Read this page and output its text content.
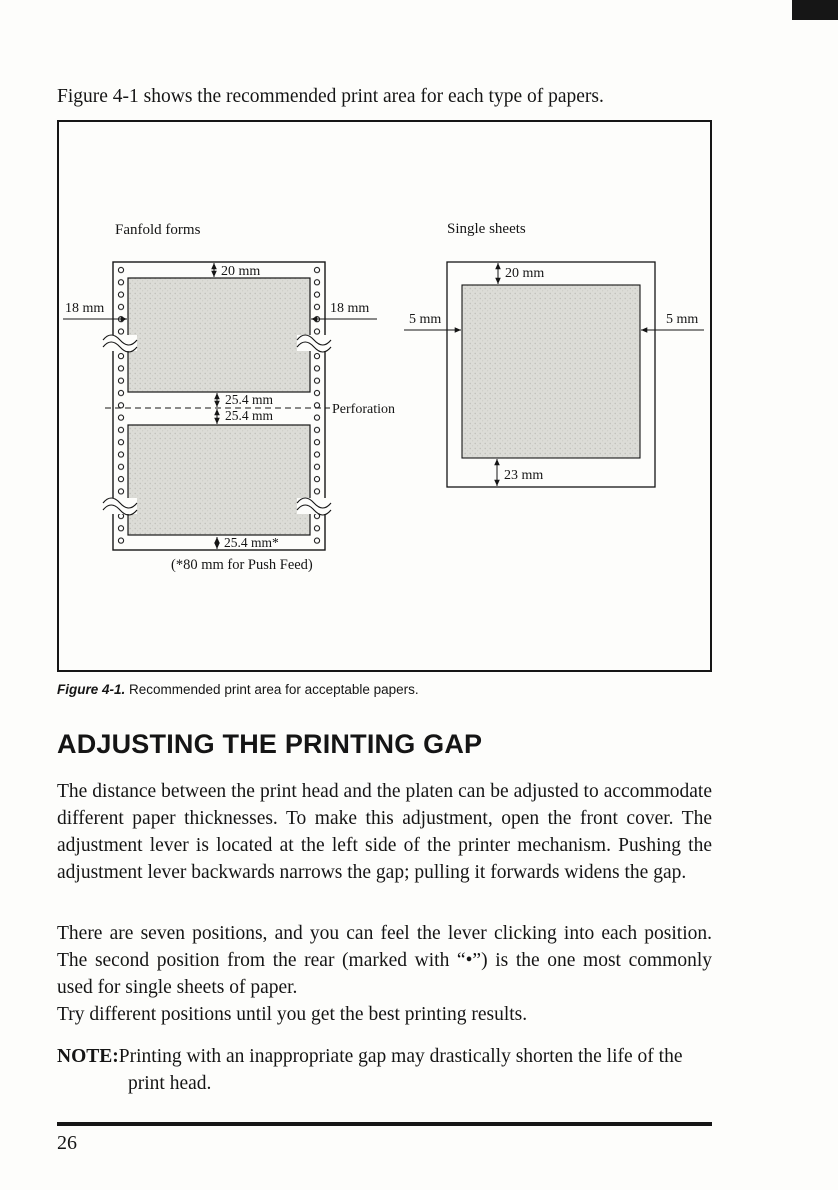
Figure 4-1 shows the recommended print area for each type of papers.

Fanfold forms
20 mm
18 mm	18 mm
25.4 mm
25.4 mm	Perforation
25.4 mm*
(*80 mm for Push Feed)
Single sheets
20 mm
5 mm	5 mm
23 mm

Figure 4-1. Recommended print area for acceptable papers.

ADJUSTING THE PRINTING GAP

The distance between the print head and the platen can be adjusted to accommodate different paper thicknesses. To make this adjustment, open the front cover. The adjustment lever is located at the left side of the printer mechanism. Pushing the adjustment lever backwards narrows the gap; pulling it forwards widens the gap.

There are seven positions, and you can feel the lever clicking into each position. The second position from the rear (marked with “•”) is the one most commonly used for single sheets of paper.

Try different positions until you get the best printing results.

NOTE:Printing with an inappropriate gap may drastically shorten the life of the print head.

26
